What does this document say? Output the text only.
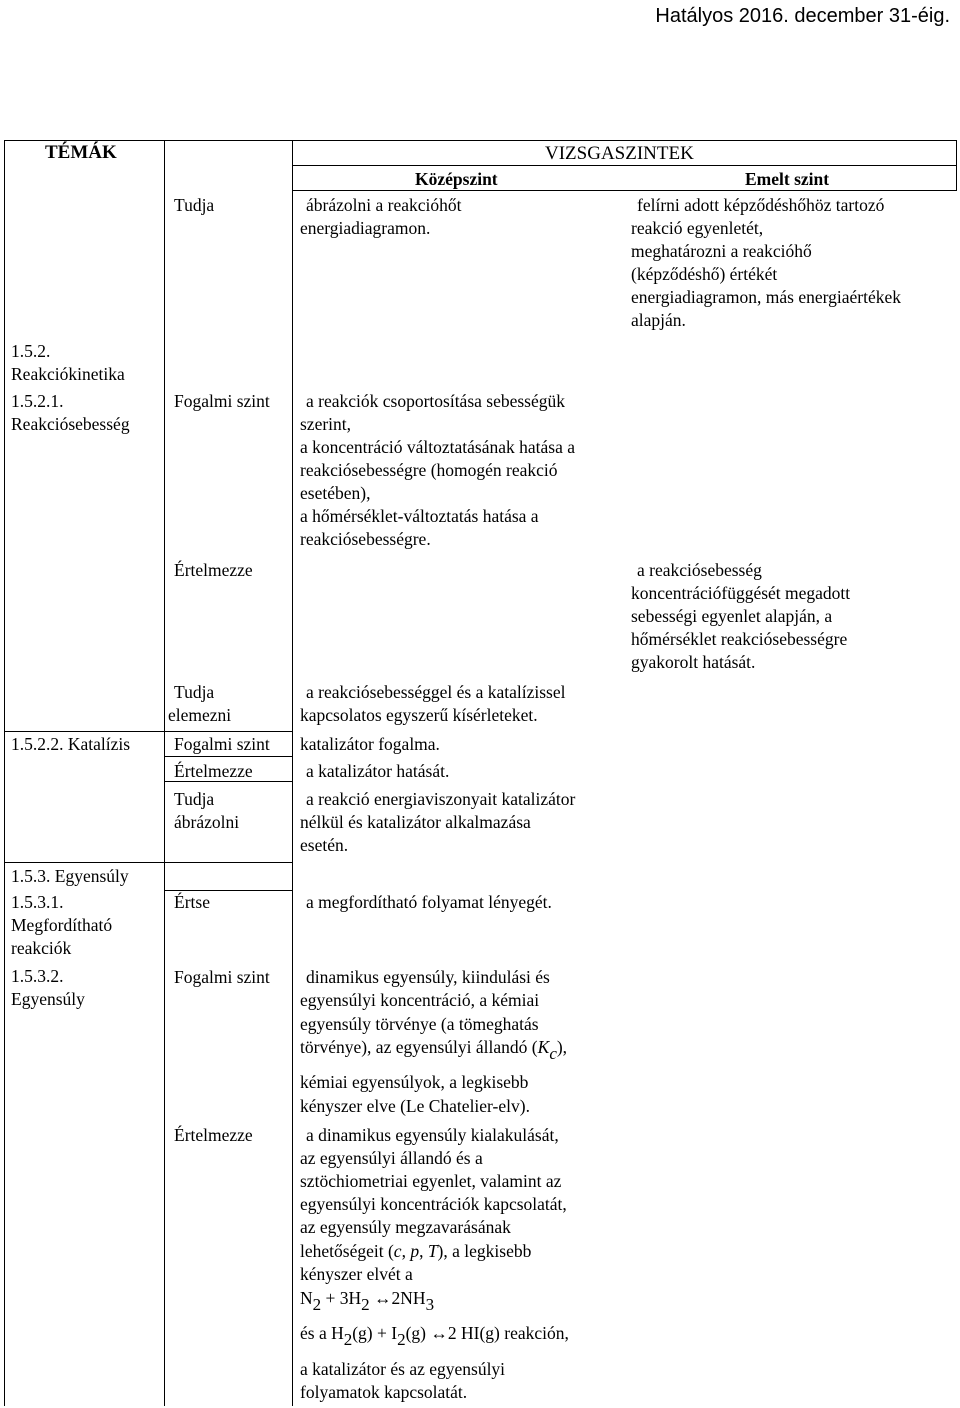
Hatályos 2016. december 31-éig.
TÉMÁK	VIZSGASZINTEK
Középszint	Emelt szint
1.5.2.
Reakciókinetika
1.5.2.1.
Reakciósebesség
1.5.2.2. Katalízis
1.5.3. Egyensúly
1.5.3.1.
Megfordítható
reakciók
1.5.3.2.
Egyensúly
Tudja
Fogalmi szint
Értelmezze
Tudja
elemezni
Fogalmi szint
Értelmezze
Tudja
ábrázolni
Értse
Fogalmi szint
Értelmezze
ábrázolni a reakcióhőt
energiadiagramon.
a reakciók csoportosítása sebességük
szerint,
a koncentráció változtatásának hatása a
reakciósebességre (homogén reakció
esetében),
a hőmérséklet-változtatás hatása a
reakciósebességre.
a reakciósebességgel és a katalízissel
kapcsolatos egyszerű kísérleteket.
katalizátor fogalma.
a katalizátor hatását.
a reakció energiaviszonyait katalizátor
nélkül és katalizátor alkalmazása
esetén.
a megfordítható folyamat lényegét.
dinamikus egyensúly, kiindulási és
egyensúlyi koncentráció, a kémiai
egyensúly törvénye (a tömeghatás
törvénye), az egyensúlyi állandó $(K_c)$,
kémiai egyensúlyok, a legkisebb
kényszer elve (Le Chatelier-elv).
a dinamikus egyensúly kialakulását,
az egyensúlyi állandó és a
sztöchiometriai egyenlet, valamint az
egyensúlyi koncentrációk kapcsolatát,
az egyensúly megzavarásának
lehetőségeit (c, p, T), a legkisebb
kényszer elvét a
$N_2 + 3H_2$ $\leftrightarrow 2NH_3$
és a $H_2(g) + I_2(g)$ ↔2 HI(g) reakción,
a katalizátor és az egyensúlyi
folyamatok kapcsolatát.
felírni adott képződéshőhöz tartozó
reakció egyenletét,
meghatározni a reakcióhő
(képződéshő) értékét
energiadiagramon, más energiaértékek
alapján.
a reakciósebesség
koncentrációfüggését megadott
sebességi egyenlet alapján, a
hőmérséklet reakciósebességre
gyakorolt hatását.
